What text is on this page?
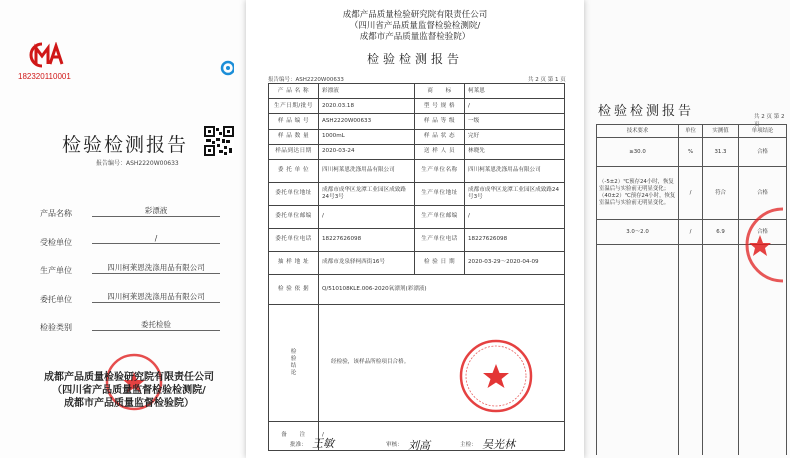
182320110001
检验检测报告
报告编号：ASH2220W00633
产品名称	彩漂液
受检单位	/
生产单位	四川柯莱恩洗涤用品有限公司
委托单位	四川柯莱恩洗涤用品有限公司
检验类别	委托检验
成都产品质量检验研究院有限责任公司
（四川省产品质量监督检验检测院/
成都市产品质量监督检验院）
成都产品质量检验研究院有限责任公司
（四川省产品质量监督检验检测院/
成都市产品质量监督检验院）
检验检测报告
报告编号：ASH2220W00633	共 2 页 第 1 页
产 品 名 称	彩漂液	商　　标	柯莱恩
生产日期/批号	2020.03.18	型 号 规 格	/
样 品 编 号	ASH2220W00633	样 品 等 级	一级
样 品 数 量	1000mL	样 品 状 态	完好
样品到达日期	2020-03-24	送 样 人 员	林晓先
委 托 单 位	四川柯莱恩洗涤用品有限公司	生产单位名称	四川柯莱恩洗涤用品有限公司
委托单位地址	成都市成华区龙潭工业园区成致路24号3号	生产单位地址	成都市成华区龙潭工业园区成致路24号3号
委托单位邮编	/	生产单位邮编	/
委托单位电话	18227626098	生产单位电话	18227626098
抽 样 地 址	成都市龙泉驿柯西街16号	检 验 日 期	2020-03-29～2020-04-09
检 验 依 据	Q/510108KLE.006-2020氧漂剂(彩漂液)		

检
验
结
论	经检验，该样品所检项目合格。		
备　　注	/		
批准： 王敏	审核： 刘高	主检： 吴光林
检验检测报告	共 2 页 第 2 页
技术要求	单位	实测值	单项结论
≥30.0	%	31.3	合格
（-5±2）℃预存24小时，恢复室温后与实验前无明显变化；（40±2）℃预存24小时，恢复室温后与实验前无明显变化。	/	符合	合格
3.0～2.0	/	6.9	合格
